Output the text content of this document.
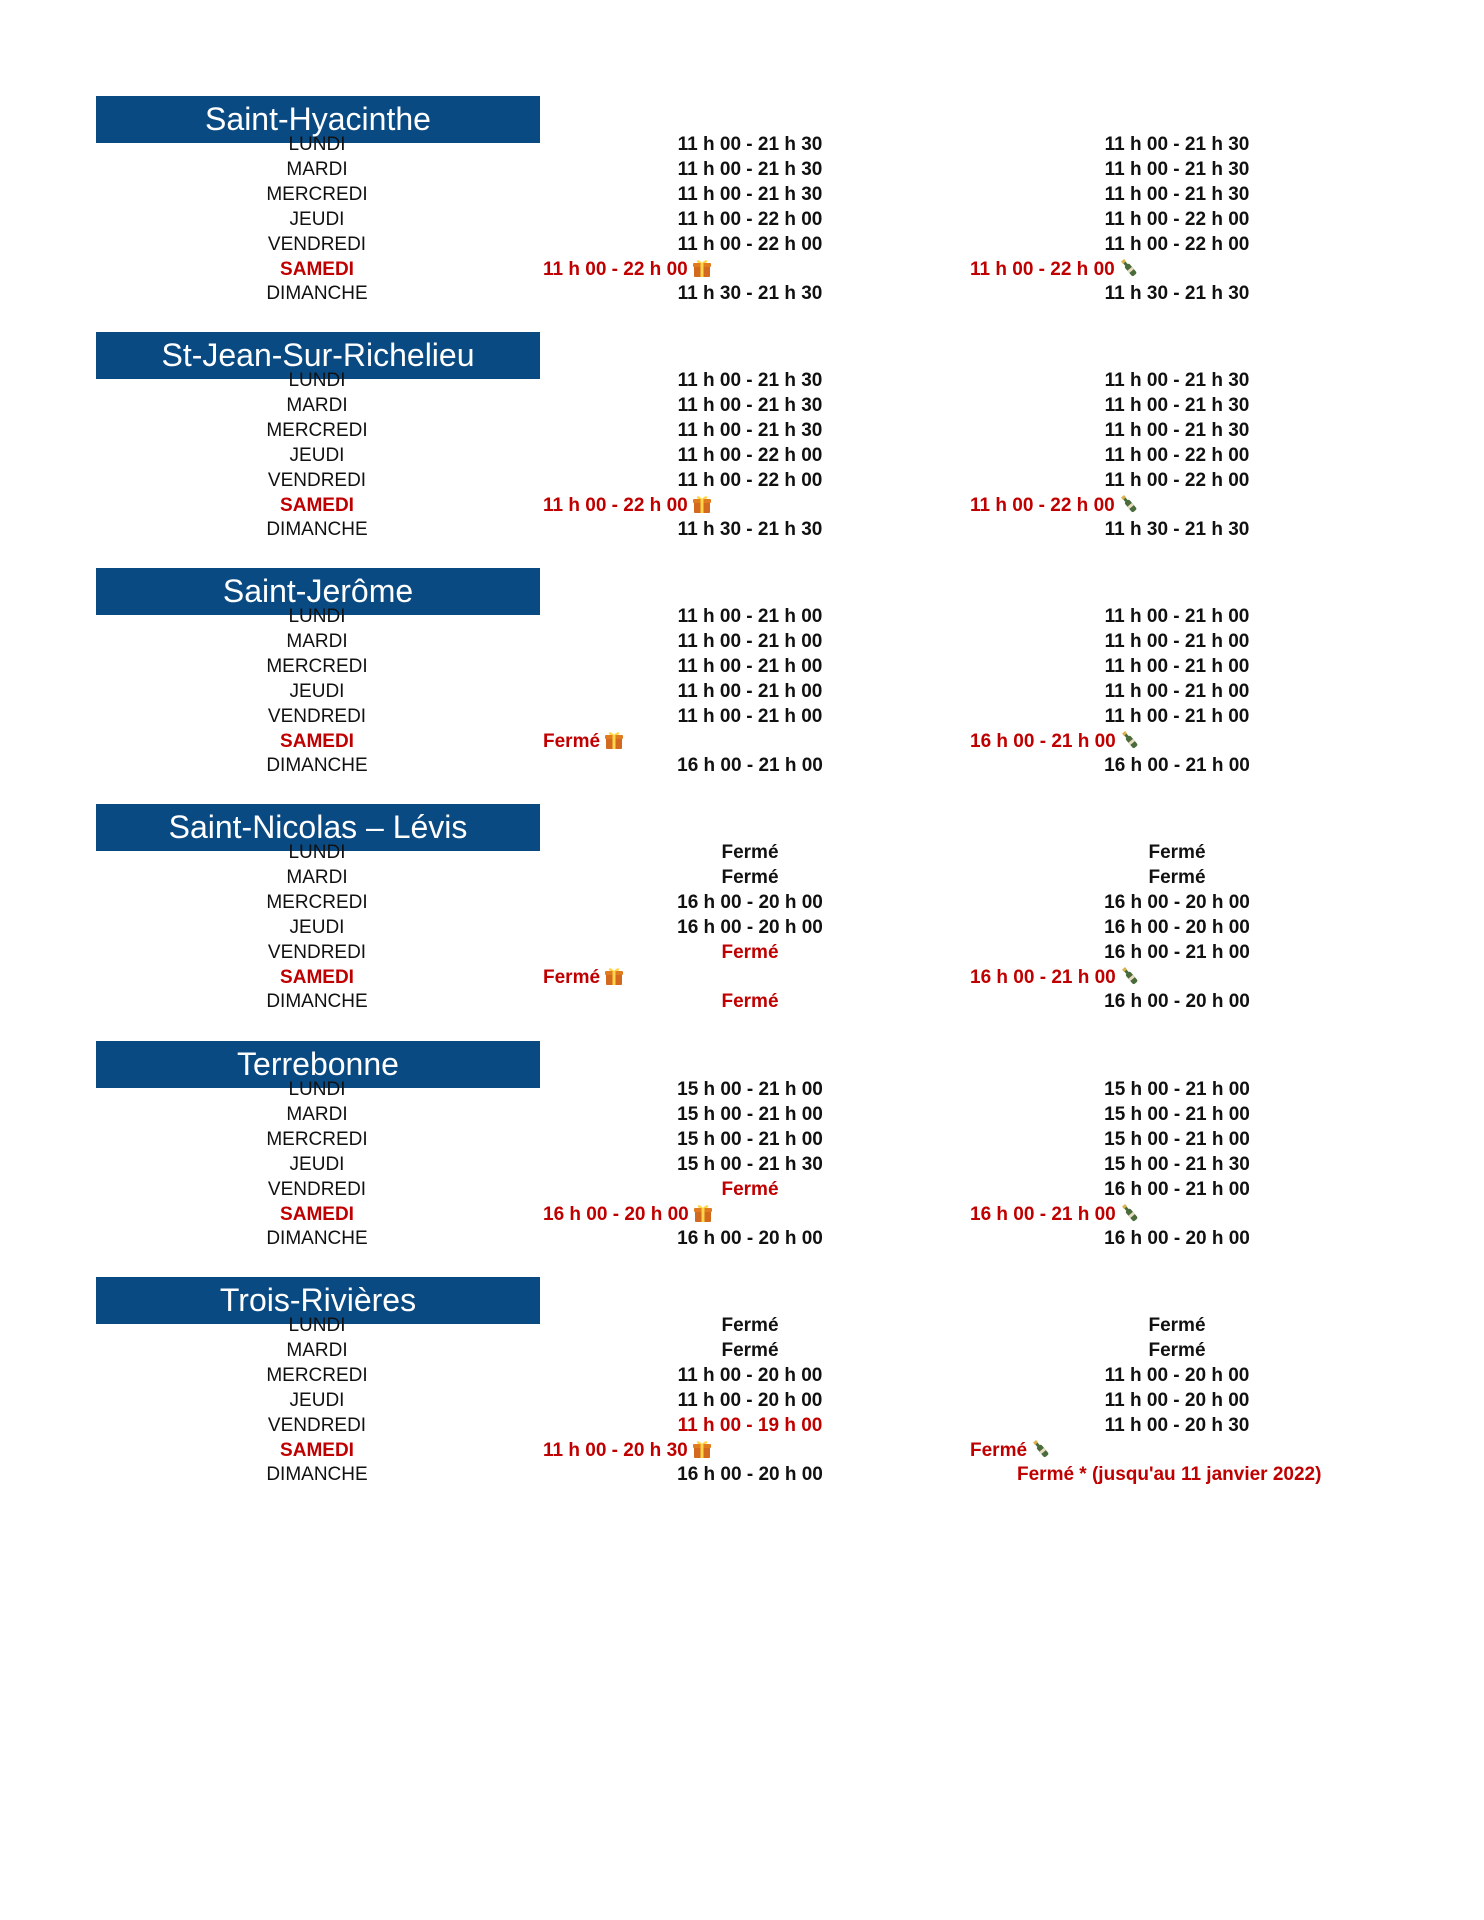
Saint-Hyacinthe
LUNDI	11 h 00 - 21 h 30	11 h 00 - 21 h 30
MARDI	11 h 00 - 21 h 30	11 h 00 - 21 h 30
MERCREDI	11 h 00 - 21 h 30	11 h 00 - 21 h 30
JEUDI	11 h 00 - 22 h 00	11 h 00 - 22 h 00
VENDREDI	11 h 00 - 22 h 00	11 h 00 - 22 h 00
SAMEDI	11 h 00 - 22 h 00	11 h 00 - 22 h 00
DIMANCHE	11 h 30 - 21 h 30	11 h 30 - 21 h 30
St-Jean-Sur-Richelieu
LUNDI	11 h 00 - 21 h 30	11 h 00 - 21 h 30
MARDI	11 h 00 - 21 h 30	11 h 00 - 21 h 30
MERCREDI	11 h 00 - 21 h 30	11 h 00 - 21 h 30
JEUDI	11 h 00 - 22 h 00	11 h 00 - 22 h 00
VENDREDI	11 h 00 - 22 h 00	11 h 00 - 22 h 00
SAMEDI	11 h 00 - 22 h 00	11 h 00 - 22 h 00
DIMANCHE	11 h 30 - 21 h 30	11 h 30 - 21 h 30
Saint-Jerôme
LUNDI	11 h 00 - 21 h 00	11 h 00 - 21 h 00
MARDI	11 h 00 - 21 h 00	11 h 00 - 21 h 00
MERCREDI	11 h 00 - 21 h 00	11 h 00 - 21 h 00
JEUDI	11 h 00 - 21 h 00	11 h 00 - 21 h 00
VENDREDI	11 h 00 - 21 h 00	11 h 00 - 21 h 00
SAMEDI	Fermé	16 h 00 - 21 h 00
DIMANCHE	16 h 00 - 21 h 00	16 h 00 - 21 h 00
Saint-Nicolas – Lévis
LUNDI	Fermé	Fermé
MARDI	Fermé	Fermé
MERCREDI	16 h 00 - 20 h 00	16 h 00 - 20 h 00
JEUDI	16 h 00 - 20 h 00	16 h 00 - 20 h 00
VENDREDI	Fermé	16 h 00 - 21 h 00
SAMEDI	Fermé	16 h 00 - 21 h 00
DIMANCHE	Fermé	16 h 00 - 20 h 00
Terrebonne
LUNDI	15 h 00 - 21 h 00	15 h 00 - 21 h 00
MARDI	15 h 00 - 21 h 00	15 h 00 - 21 h 00
MERCREDI	15 h 00 - 21 h 00	15 h 00 - 21 h 00
JEUDI	15 h 00 - 21 h 30	15 h 00 - 21 h 30
VENDREDI	Fermé	16 h 00 - 21 h 00
SAMEDI	16 h 00 - 20 h 00	16 h 00 - 21 h 00
DIMANCHE	16 h 00 - 20 h 00	16 h 00 - 20 h 00
Trois-Rivières
LUNDI	Fermé	Fermé
MARDI	Fermé	Fermé
MERCREDI	11 h 00 - 20 h 00	11 h 00 - 20 h 00
JEUDI	11 h 00 - 20 h 00	11 h 00 - 20 h 00
VENDREDI	11 h 00 - 19 h 00	11 h 00 - 20 h 30
SAMEDI	11 h 00 - 20 h 30	Fermé
DIMANCHE	16 h 00 - 20 h 00	Fermé * (jusqu'au 11 janvier 2022)
